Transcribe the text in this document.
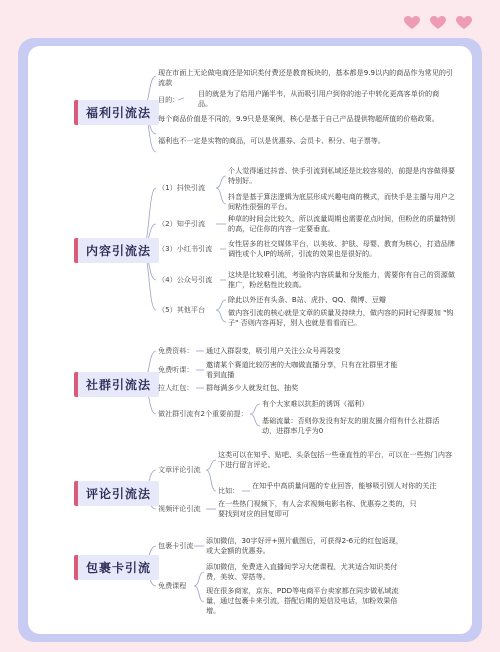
福利引流法
现在市面上无论做电商还是知识类付费还是教育板块的，基本都是9.9以内的商品作为常见的引流款
目的：
目的就是为了给用户踊半韦，从而吸引用户到你的池子中转化更高客单价的商品。
每个商品价值是不同的，9.9只是是案例，核心是基于自己产品提供物超所值的价格政策。
福利也不一定是实物的商品，可以是优惠券、会员卡、积分、电子票等。
内容引流法
（1）抖快引流
个人觉得通过抖音、快手引流到私域还是比较容易的，前提是内容做得要特别好。
抖音是基于算法逻辑为底层形成兴趣电商的模式，而快手是主播与用户之间粘性很强的平台。
（2）知乎引流
种草的时间会比较久，所以流量周期也需要花点时间，但粉丝的质量特别的高，记住你的内容一定要垂直。
（3）小红书引流
女性居多的社交媒体平台，以美妆、护肤、母婴、教育为核心，打造品牌调性或个人IP的场所，引流的效果也是很好的。
（4）公众号引流
这块是比较难引流，考验你内容质量和分发能力，需要你有自己的资源做推广，粉丝粘性比较高。
（5）其他平台
除此以外还有头条、B站、虎扑、QQ、微博、豆瓣
做内容引流的核心就是文章的质量及持续力，做内容的同时记得要加 "钩子" 否则内容再好，别人也就是看看而已。
社群引流法
免费资料：	通过入群裂变，吸引用户关注公众号再裂变
免费听课：
邀请某个赛道比较厉害的大咖做直播分享，只有在社群里才能看到直播
拉人红包：	群每满多少人就发红包、抽奖
做社群引流有2个重要前提：
有个大家难以抗拒的诱饵（福利）
基础流量：否则你发没有好友的朋友圈介绍有什么社群活动，进群率几乎为0
评论引流法
文章评论引流
这类可以在知乎、贴吧、头条包括一些垂直性的平台，可以在一些热门内容下进行留言评论。
比如：
在知乎中高质量问题的专业回答，能够吸引别人对你的关注
视频评论引流
在一些热门视频下，有人会求视频电影名称、优惠券之类的，只要找到对应的回复即可
包裹卡引流
包裹卡引流
添加微信，30字好评+照片截图后，可获得2-6元的红包返现，或大金额的优惠券。
免费课程
添加微信，免费进入直播间学习大佬课程，尤其适合知识类付费，美妆、穿搭等。
现在很多商家，京东、PDD等电商平台卖家都在同步做私域流量，通过包裹卡来引流，搭配后期的短信及电话，加粉效果倍增。
